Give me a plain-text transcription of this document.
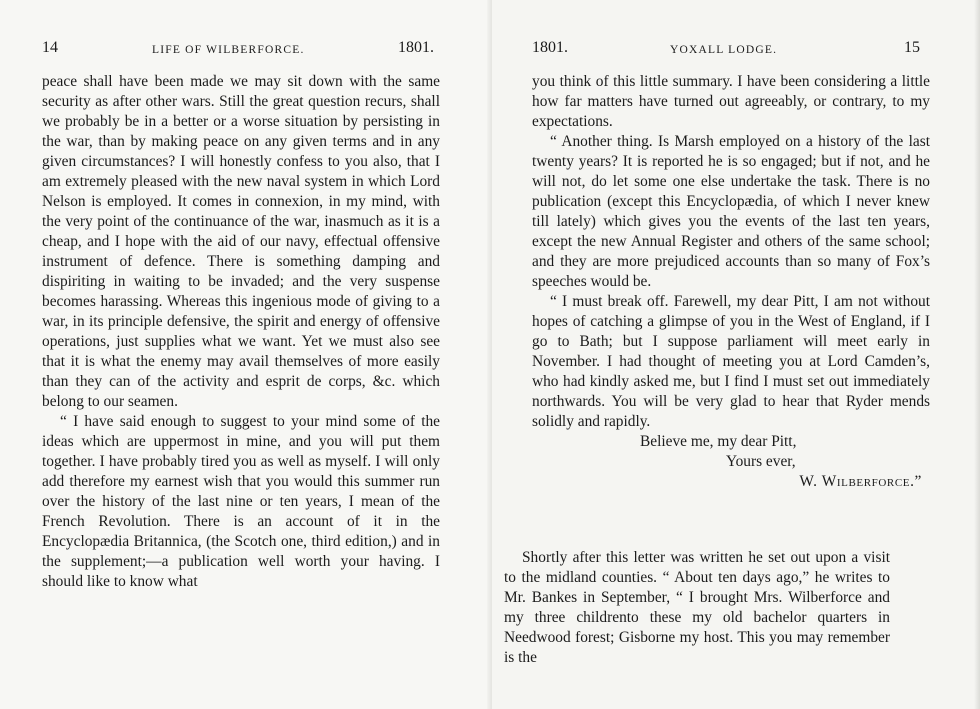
14	LIFE OF WILBERFORCE.	1801.

peace shall have been made we may sit down with the same security as after other wars. Still the great question recurs, shall we probably be in a better or a worse situation by persisting in the war, than by making peace on any given terms and in any given circumstances? I will honestly confess to you also, that I am extremely pleased with the new naval system in which Lord Nelson is employed. It comes in connexion, in my mind, with the very point of the continuance of the war, inasmuch as it is a cheap, and I hope with the aid of our navy, effectual offensive instrument of defence. There is something damping and dispiriting in waiting to be invaded; and the very suspense becomes harassing. Whereas this ingenious mode of giving to a war, in its principle defensive, the spirit and energy of offensive operations, just supplies what we want. Yet we must also see that it is what the enemy may avail themselves of more easily than they can of the activity and esprit de corps, &c. which belong to our seamen.

“ I have said enough to suggest to your mind some of the ideas which are uppermost in mine, and you will put them together. I have probably tired you as well as myself. I will only add therefore my earnest wish that you would this summer run over the history of the last nine or ten years, I mean of the French Revolution. There is an account of it in the Encyclopædia Britannica, (the Scotch one, third edition,) and in the supplement;—a publication well worth your having. I should like to know what

1801.	YOXALL LODGE.	15

you think of this little summary. I have been considering a little how far matters have turned out agreeably, or contrary, to my expectations.

“ Another thing. Is Marsh employed on a history of the last twenty years? It is reported he is so engaged; but if not, and he will not, do let some one else undertake the task. There is no publication (except this Encyclopædia, of which I never knew till lately) which gives you the events of the last ten years, except the new Annual Register and others of the same school; and they are more prejudiced accounts than so many of Fox’s speeches would be.

“ I must break off. Farewell, my dear Pitt, I am not without hopes of catching a glimpse of you in the West of England, if I go to Bath; but I suppose parliament will meet early in November. I had thought of meeting you at Lord Camden’s, who had kindly asked me, but I find I must set out immediately northwards. You will be very glad to hear that Ryder mends solidly and rapidly.

Believe me, my dear Pitt,

Yours ever,

W. Wilberforce.”

Shortly after this letter was written he set out upon a visit to the midland counties. “ About ten days ago,” he writes to Mr. Bankes in September, “ I brought Mrs. Wilberforce and my three childrento these my old bachelor quarters in Needwood forest; Gisborne my host. This you may remember is the
